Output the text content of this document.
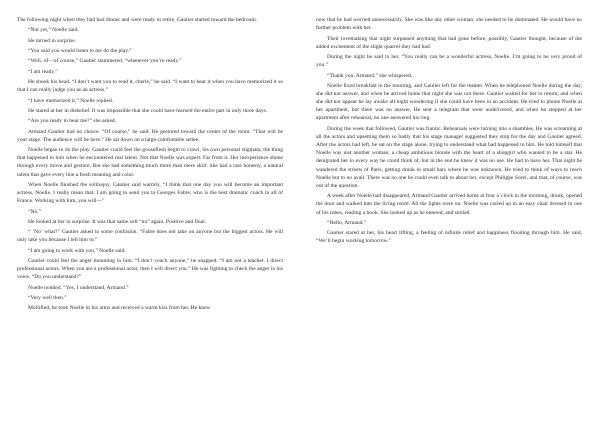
The following night when they had had dinner and were ready to retire, Gautier started toward the bedroom.

“Not yet,” Noelle said.

He turned in surprise.

“You said you would listen to me do the play.”

“Well, of—of course,” Gautier stammered, “whenever you’re ready.”

“I am ready.”

He shook his head. “I don’t want you to read it, cherie,” he said. “I want to hear it when you have memorized it so that I can really judge you as an actress.”

“I have memorized it,” Noelle replied.

He stared at her in disbelief. It was impossible that she could have learned the entire part in only three days.

“Are you ready to hear me?” she asked.

Armand Gautier had no choice. “Of course,” he said. He gestured toward the center of the room. “That will be your stage. The audience will be here.” He sat down on a large comfortable settee.

Noelle began to do the play. Gautier could feel the gooseflesh begin to crawl, his own personal stigmata, the thing that happened to him when he encountered real talent. Not that Noelle was expert. Far from it. Her inexperience shone through every move and gesture. But she had something much more than mere skill: She had a rare honesty, a natural talent that gave every line a fresh meaning and color.

When Noelle finished the soliloquy, Gautier said warmly, “I think that one day you will become an important actress, Noelle. I really mean that. I am going to send you to Georges Fabre, who is the best dramatic coach in all of France. Working with him, you will—”

“No.”

He looked at her in surprise. It was that same soft “no” again. Positive and final.

“ ‘No’ what?” Gautier asked in some confusion. “Fabre does not take on anyone but the biggest actors. He will only take you because I tell him to.”

“I am going to work with you,” Noelle said.

Gautier could feel the anger mounting in him. “I don’t coach anyone,” he snapped. “I am not a teacher. I direct professional actors. When you are a professional actor, then I will direct you.” He was fighting to check the anger in his voice. “Do you understand?”

Noelle nodded. “Yes, I understand, Armand.”

“Very well then.”

Mollified, he took Noelle in his arms and received a warm kiss from her. He knew

now that he had worried unnecessarily. She was like any other woman; she needed to be dominated. He would have no further problem with her.

Their lovemaking that night surpassed anything that had gone before, possibly, Gautier thought, because of the added excitement of the slight quarrel they had had.

During the night he said to her, “You really can be a wonderful actress, Noelle. I’m going to be very proud of you.”

“Thank you, Armand,” she whispered.

Noelle fixed breakfast in the morning, and Gautier left for the theater. When he telephoned Noelle during the day, she did not answer, and when he arrived home that night she was not there. Gautier waited for her to return, and when she did not appear he lay awake all night wondering if she could have been in an accident. He tried to phone Noelle at her apartment, but there was no answer. He sent a telegram that went undelivered, and when he stopped at her apartment after rehearsal, no one answered his ring.

During the week that followed, Gautier was frantic. Rehearsals were turning into a shambles. He was screaming at all the actors and upsetting them so badly that his stage manager suggested they stop for the day and Gautier agreed. After the actors had left, he sat on the stage alone, trying to understand what had happened to him. He told himself that Noelle was just another woman, a cheap ambitious blonde with the heart of a shopgirl who wanted to be a star. He denigrated her in every way he could think of, but in the end he knew it was no use. He had to have her. That night he wandered the streets of Paris, getting drunk in small bars where he was unknown. He tried to think of ways to reach Noelle but to no avail. There was no one he could even talk to about her, except Philippe Sorel, and that, of course, was out of the question.

A week after Noelle had disappeared, Armand Gautier arrived home at four o’clock in the morning, drunk, opened the door and walked into the living room. All the lights were on. Noelle was curled up in an easy chair dressed in one of his robes, reading a book. She looked up as he entered, and smiled.

“Hello, Armand.”

Gautier stared at her, his heart lifting, a feeling of infinite relief and happiness flooding through him. He said, “We’ll begin working tomorrow.”
